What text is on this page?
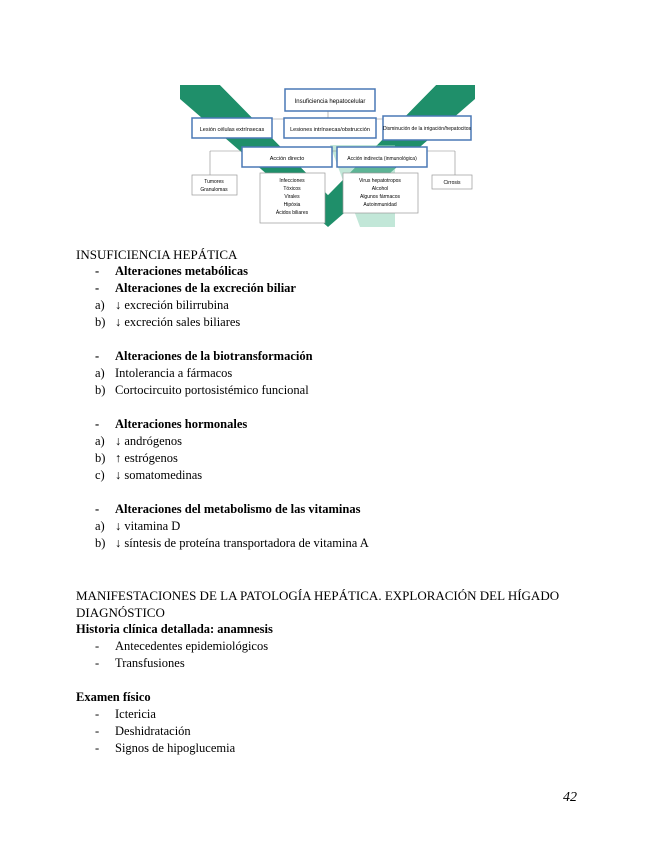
Insuficiencia hepatocelular
Lesión células extrínsecas	Lesiones intrínsecas/obstrucción	Disminución de la irrigación/hepatocitos
Acción directo	Acción indirecta (inmunológica)
Tumores
Granulomas
Infecciones
Tóxicos
Virales
Hipóxia
Ácidos biliares
Virus hepatotropos
Alcohol
Algunos fármacos
Autoinmunidad
Cirrosis
INSUFICIENCIA HEPÁTICA
- Alteraciones metabólicas
- Alteraciones de la excreción biliar
a) ↓ excreción bilirrubina
b) ↓ excreción sales biliares
- Alteraciones de la biotransformación
a) Intolerancia a fármacos
b) Cortocircuito portosistémico funcional
- Alteraciones hormonales
a) ↓ andrógenos
b) ↑ estrógenos
c) ↓ somatomedinas
- Alteraciones del metabolismo de las vitaminas
a) ↓ vitamina D
b) ↓ síntesis de proteína transportadora de vitamina A
MANIFESTACIONES DE LA PATOLOGÍA HEPÁTICA. EXPLORACIÓN DEL HÍGADO
DIAGNÓSTICO
Historia clínica detallada: anamnesis
- Antecedentes epidemiológicos
- Transfusiones
Examen físico
- Ictericia
- Deshidratación
- Signos de hipoglucemia
42
